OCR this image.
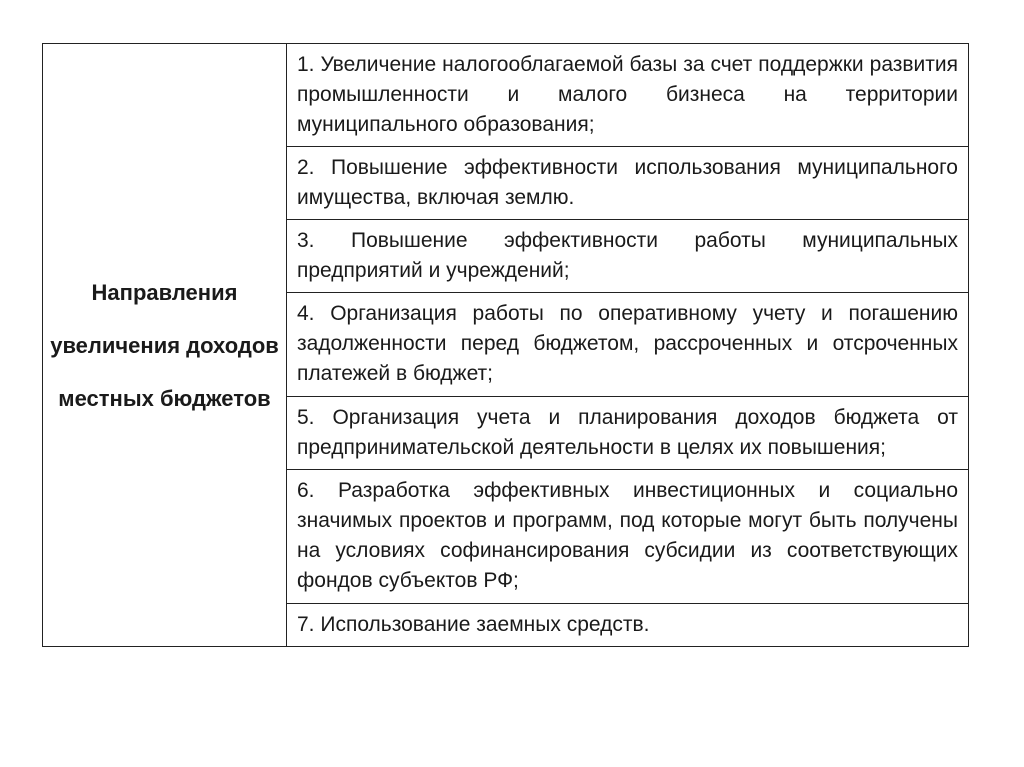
Направления увеличения доходов местных бюджетов

1. Увеличение налогооблагаемой базы за счет поддержки развития промышленности и малого бизнеса на территории муниципального образования;

2. Повышение эффективности использования муниципального имущества, включая землю.

3. Повышение эффективности работы муниципальных предприятий и учреждений;

4. Организация работы по оперативному учету и погашению задолженности перед бюджетом, рассроченных и отсроченных платежей в бюджет;

5. Организация учета и планирования доходов бюджета от предпринимательской деятельности в целях их повышения;

6. Разработка эффективных инвестиционных и социально значимых проектов и программ, под которые могут быть получены на условиях софинансирования субсидии из соответствующих фондов субъектов РФ;

7. Использование заемных средств.
